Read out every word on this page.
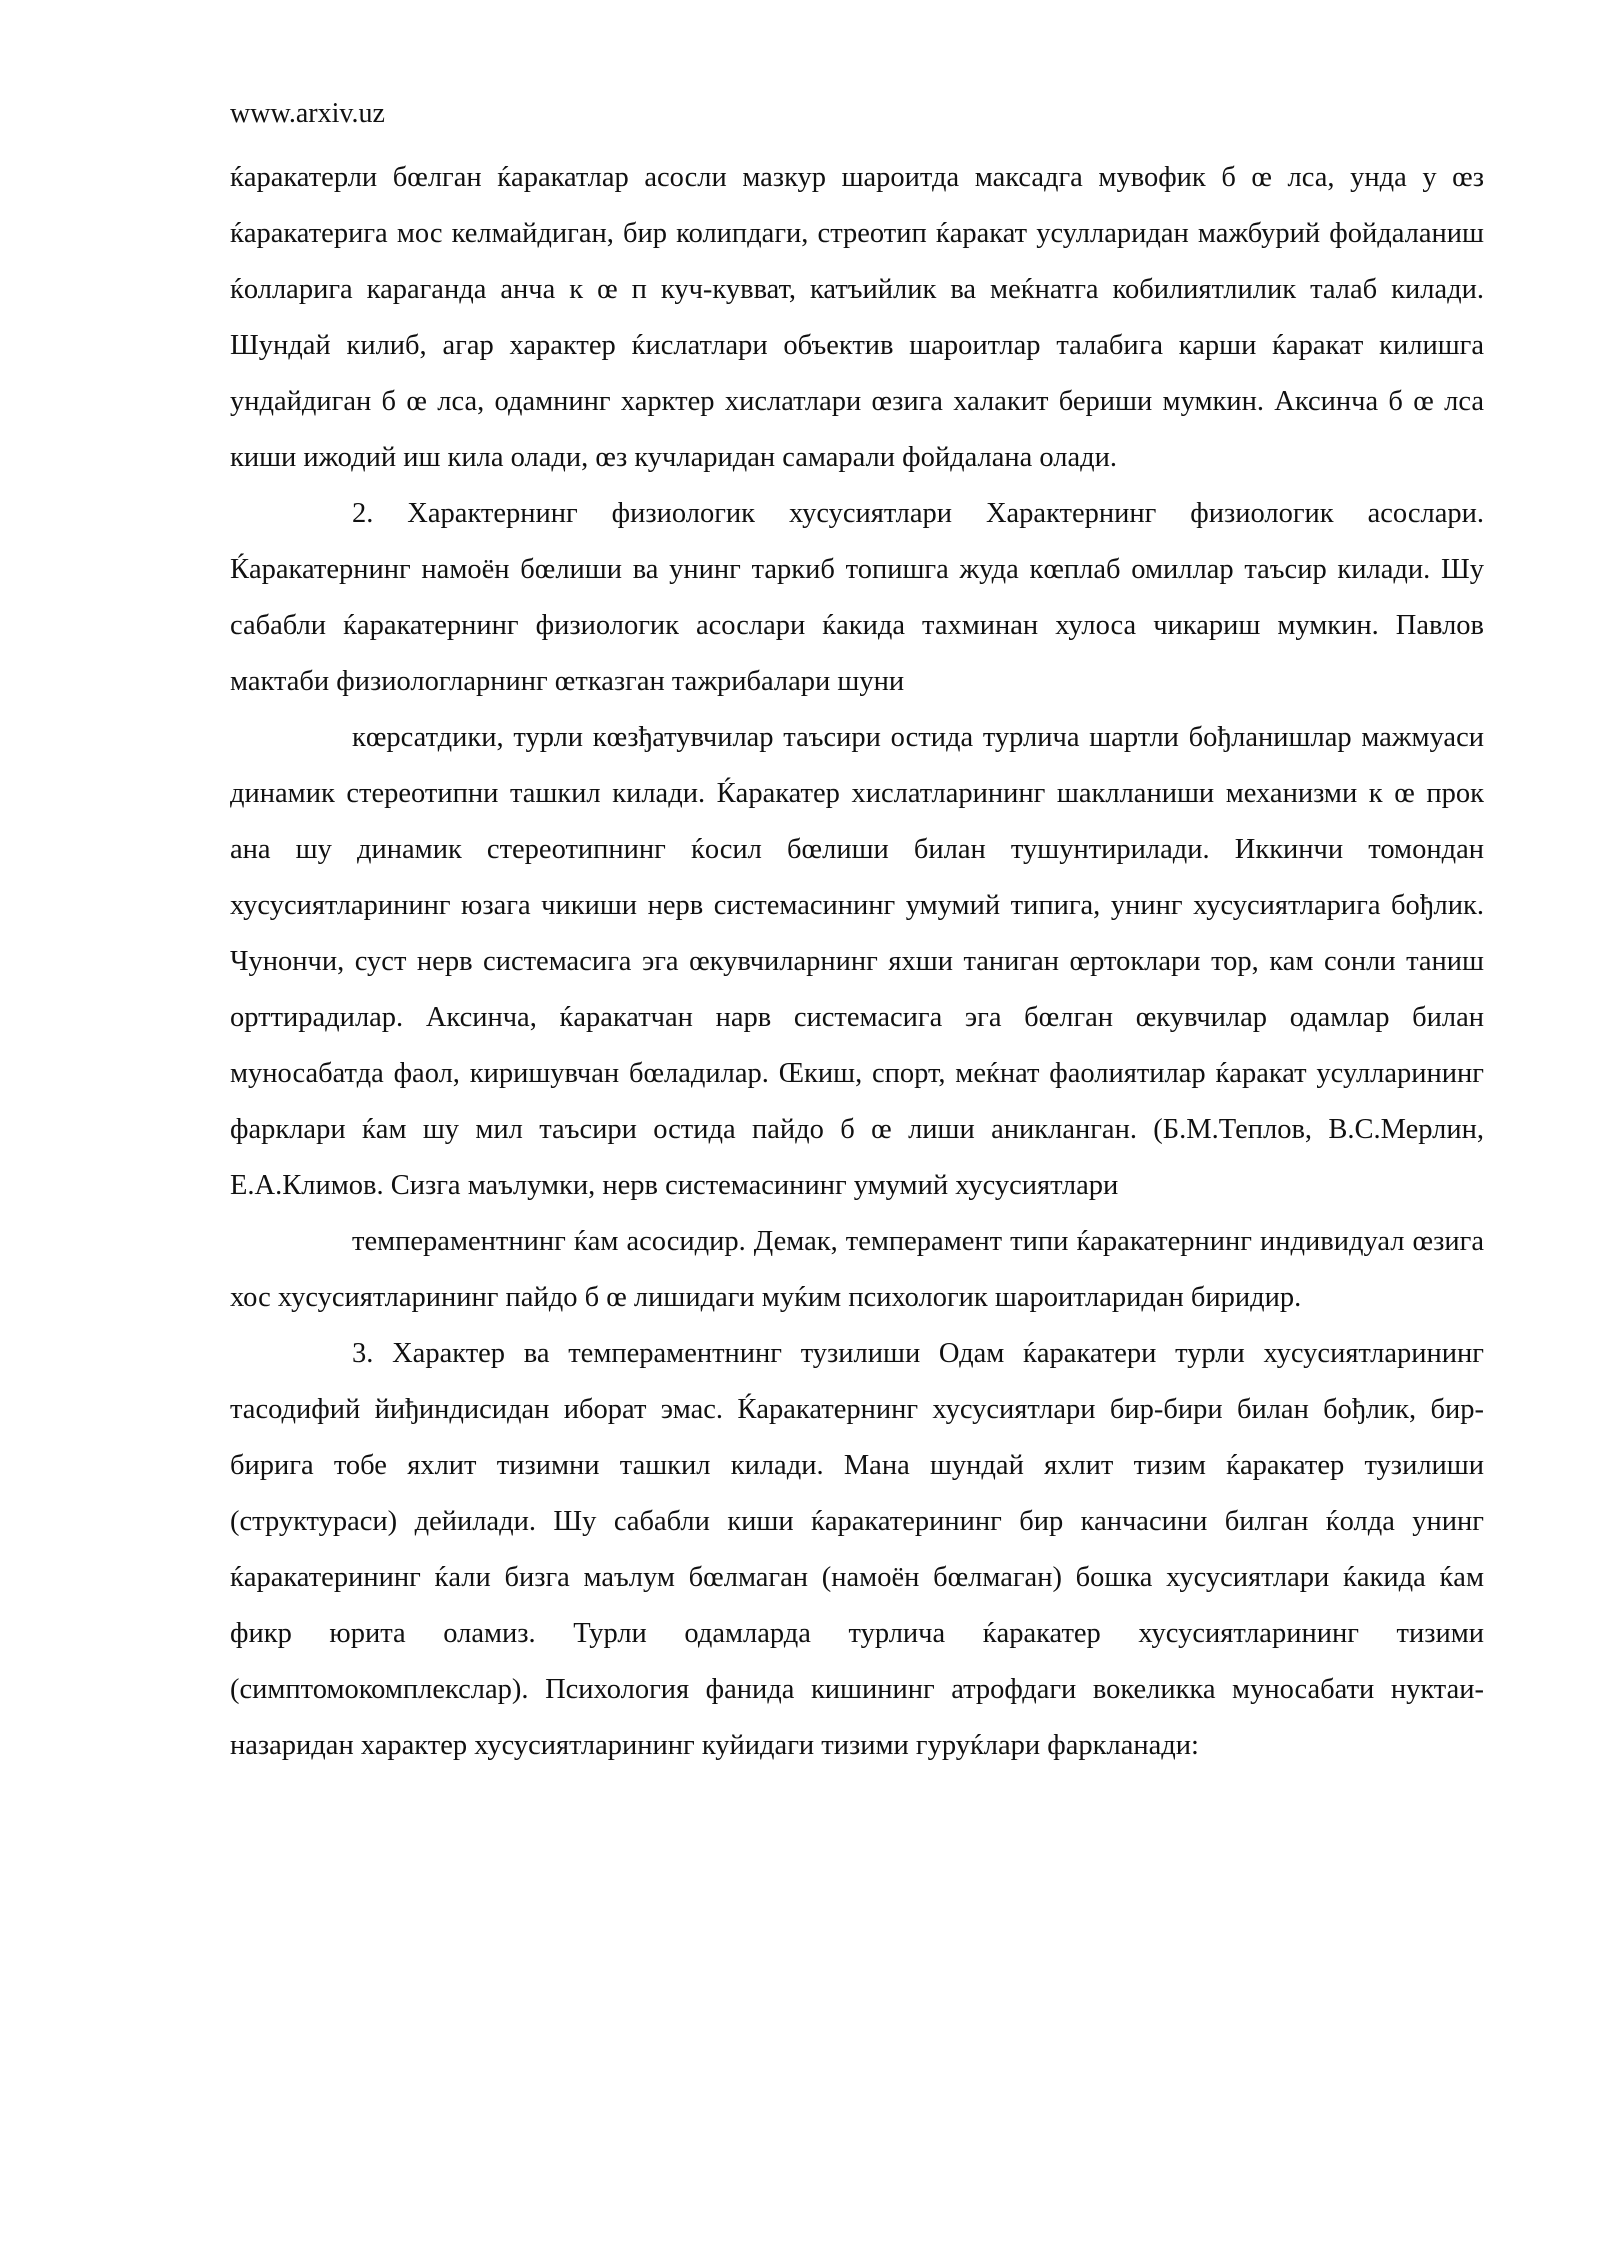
www.arxiv.uz

ќаракатерли бœлган ќаракатлар асосли мазкур шароитда максадга мувофик б œ лса, унда у œз ќаракатерига мос келмайдиган, бир колипдаги, стреотип ќаракат усулларидан мажбурий фойдаланиш ќолларига караганда анча к œ п куч-кувват, катъийлик ва меќнатга кобилиятлилик талаб килади. Шундай килиб, агар характер ќислатлари объектив шароитлар талабига карши ќаракат килишга ундайдиган б œ лса, одамнинг харктер хислатлари œзига халакит бериши мумкин. Аксинча б œ лса киши ижодий иш кила олади, œз кучларидан самарали фойдалана олади.

2. Характернинг физиологик хусусиятлари Характернинг физиологик асослари. Ќаракатернинг намоён бœлиши ва унинг таркиб топишга жуда кœплаб омиллар таъсир килади. Шу сабабли ќаракатернинг физиологик асослари ќакида тахминан хулоса чикариш мумкин. Павлов мактаби физиологларнинг œтказган тажрибалари шуни

кœрсатдики, турли кœзђатувчилар таъсири остида турлича шартли бођланишлар мажмуаси динамик стереотипни ташкил килади. Ќаракатер хислатларининг шаклланиши механизми к œ прок ана шу динамик стереотипнинг ќосил бœлиши билан тушунтирилади. Иккинчи томондан хусусиятларининг юзага чикиши нерв системасининг умумий типига, унинг хусусиятларига бођлик. Чунончи, суст нерв системасига эга œкувчиларнинг яхши таниган œртоклари тор, кам сонли таниш орттирадилар. Аксинча, ќаракатчан нарв системасига эга бœлган œкувчилар одамлар билан муносабатда фаол, киришувчан бœладилар. Œкиш, спорт, меќнат фаолиятилар ќаракат усулларининг фарклари ќам шу мил таъсири остида пайдо б œ лиши аникланган. (Б.М.Теплов, В.С.Мерлин, Е.А.Климов. Сизга маълумки, нерв системасининг умумий хусусиятлари

темпераментнинг ќам асосидир. Демак, темперамент типи ќаракатернинг индивидуал œзига хос хусусиятларининг пайдо б œ лишидаги муќим психологик шароитларидан биридир.

3. Характер ва темпераментнинг тузилиши Одам ќаракатери турли хусусиятларининг тасодифий йиђиндисидан иборат эмас. Ќаракатернинг хусусиятлари бир-бири билан бођлик, бир-бирига тобе яхлит тизимни ташкил килади. Мана шундай яхлит тизим ќаракатер тузилиши (структураси) дейилади. Шу сабабли киши ќаракатерининг бир канчасини билган ќолда унинг ќаракатерининг ќали бизга маълум бœлмаган (намоён бœлмаган) бошка хусусиятлари ќакида ќам фикр юрита оламиз. Турли одамларда турлича ќаракатер хусусиятларининг тизими (симптомокомплекслар). Психология фанида кишининг атрофдаги вокеликка муносабати нуктаи-назаридан характер хусусиятларининг куйидаги тизими гуруќлари фаркланади:
